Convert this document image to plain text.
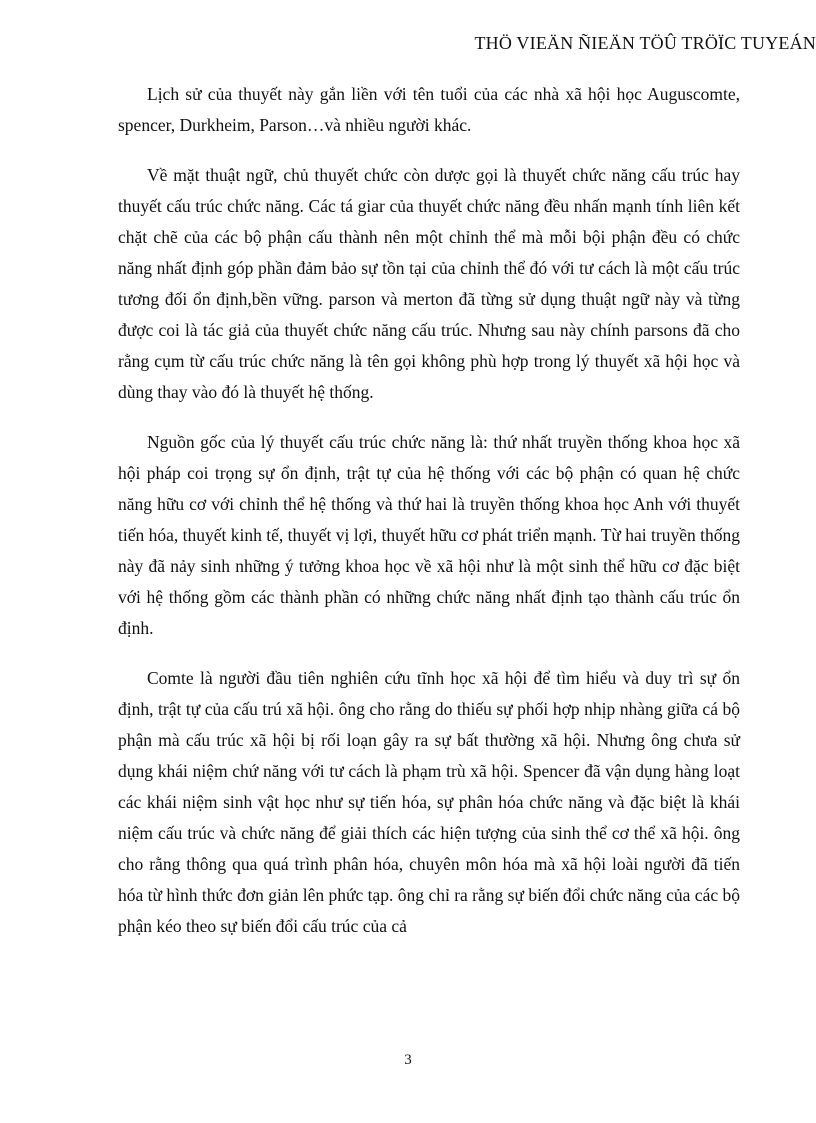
THÖ VIEÄN ÑIEÄN TÖÛ TRÖÏC TUYEÁN

Lịch sử của thuyết này gắn liền với tên tuổi của các nhà xã hội học Auguscomte, spencer, Durkheim, Parson…và nhiều người khác.

Về mặt thuật ngữ, chủ thuyết chức còn dược gọi là thuyết chức năng cấu trúc hay thuyết cấu trúc chức năng. Các tá giar của thuyết chức năng đều nhấn mạnh tính liên kết chặt chẽ của các bộ phận cấu thành nên một chỉnh thể mà mỗi bội phận đều có chức năng nhất định góp phần đảm bảo sự tồn tại của chỉnh thể đó với tư cách là một cấu trúc tương đối ổn định,bền vững. parson và merton đã từng sử dụng thuật ngữ này và từng được coi là tác giả của thuyết chức năng cấu trúc. Nhưng sau này chính parsons đã cho rằng cụm từ cấu trúc chức năng là tên gọi không phù hợp trong lý thuyết xã hội học và dùng thay vào đó là thuyết hệ thống.

Nguồn gốc của lý thuyết cấu trúc chức năng là: thứ nhất truyền thống khoa học xã hội pháp coi trọng sự ổn định, trật tự của hệ thống với các bộ phận có quan hệ chức năng hữu cơ với chỉnh thể hệ thống và thứ hai là truyền thống khoa học Anh với thuyết tiến hóa, thuyết kinh tế, thuyết vị lợi, thuyết hữu cơ phát triển mạnh. Từ hai truyền thống này đã nảy sinh những ý tưởng khoa học về xã hội như là một sinh thể hữu cơ đặc biệt với hệ thống gồm các thành phần có những chức năng nhất định tạo thành cấu trúc ổn định.

Comte là người đầu tiên nghiên cứu tĩnh học xã hội để tìm hiểu và duy trì sự ổn định, trật tự của cấu trú xã hội. ông cho rằng do thiếu sự phối hợp nhịp nhàng giữa cá bộ phận mà cấu trúc xã hội bị rối loạn gây ra sự bất thường xã hội. Nhưng ông chưa sử dụng khái niệm chứ năng với tư cách là phạm trù xã hội. Spencer đã vận dụng hàng loạt các khái niệm sinh vật học như sự tiến hóa, sự phân hóa chức năng và đặc biệt là khái niệm cấu trúc và chức năng để giải thích các hiện tượng của sinh thể cơ thể xã hội. ông cho rằng thông qua quá trình phân hóa, chuyên môn hóa mà xã hội loài người đã tiến hóa từ hình thức đơn giản lên phức tạp. ông chỉ ra rằng sự biến đổi chức năng của các bộ phận kéo theo sự biến đổi cấu trúc của cả

3
